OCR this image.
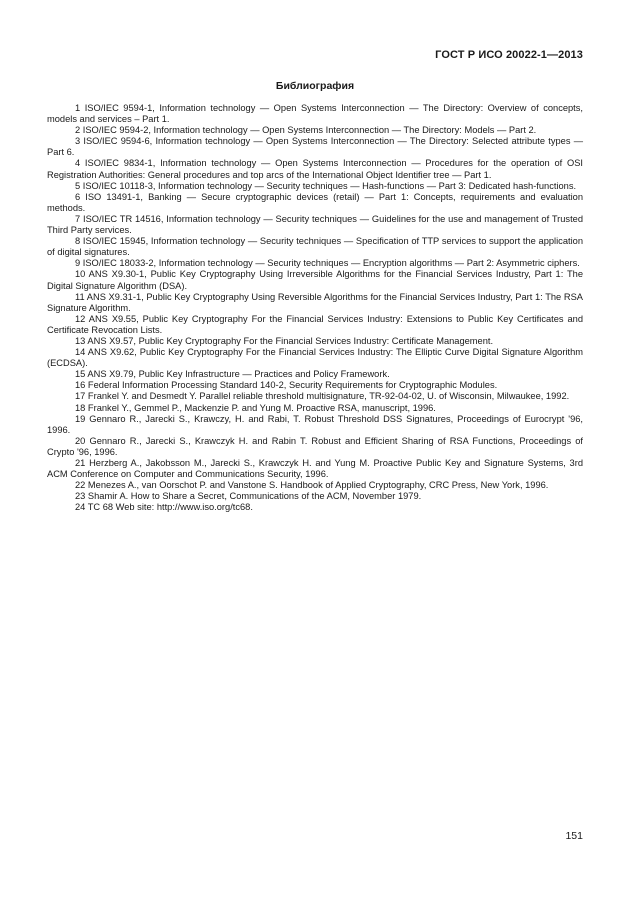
ГОСТ Р ИСО 20022-1—2013
Библиография
1 ISO/IEC 9594-1, Information technology — Open Systems Interconnection — The Directory: Overview of concepts, models and services – Part 1.
2 ISO/IEC 9594-2, Information technology — Open Systems Interconnection — The Directory: Models — Part 2.
3 ISO/IEC 9594-6, Information technology — Open Systems Interconnection — The Directory: Selected attribute types — Part 6.
4 ISO/IEC 9834-1, Information technology — Open Systems Interconnection — Procedures for the operation of OSI Registration Authorities: General procedures and top arcs of the International Object Identifier tree — Part 1.
5 ISO/IEC 10118-3, Information technology — Security techniques — Hash-functions — Part 3: Dedicated hash-functions.
6 ISO 13491-1, Banking — Secure cryptographic devices (retail) — Part 1: Concepts, requirements and evaluation methods.
7 ISO/IEC TR 14516, Information technology — Security techniques — Guidelines for the use and management of Trusted Third Party services.
8 ISO/IEC 15945, Information technology — Security techniques — Specification of TTP services to support the application of digital signatures.
9 ISO/IEC 18033-2, Information technology — Security techniques — Encryption algorithms — Part 2: Asymmetric ciphers.
10 ANS X9.30-1, Public Key Cryptography Using Irreversible Algorithms for the Financial Services Industry, Part 1: The Digital Signature Algorithm (DSA).
11 ANS X9.31-1, Public Key Cryptography Using Reversible Algorithms for the Financial Services Industry, Part 1: The RSA Signature Algorithm.
12 ANS X9.55, Public Key Cryptography For the Financial Services Industry: Extensions to Public Key Certificates and Certificate Revocation Lists.
13 ANS X9.57, Public Key Cryptography For the Financial Services Industry: Certificate Management.
14 ANS X9.62, Public Key Cryptography For the Financial Services Industry: The Elliptic Curve Digital Signature Algorithm (ECDSA).
15 ANS X9.79, Public Key Infrastructure — Practices and Policy Framework.
16 Federal Information Processing Standard 140-2, Security Requirements for Cryptographic Modules.
17 Frankel Y. and Desmedt Y. Parallel reliable threshold multisignature, TR-92-04-02, U. of Wisconsin, Milwaukee, 1992.
18 Frankel Y., Gemmel P., Mackenzie P. and Yung M. Proactive RSA, manuscript, 1996.
19 Gennaro R., Jarecki S., Krawczy, H. and Rabi, T. Robust Threshold DSS Signatures, Proceedings of Eurocrypt '96, 1996.
20 Gennaro R., Jarecki S., Krawczyk H. and Rabin T. Robust and Efficient Sharing of RSA Functions, Proceedings of Crypto '96, 1996.
21 Herzberg A., Jakobsson M., Jarecki S., Krawczyk H. and Yung M. Proactive Public Key and Signature Systems, 3rd ACM Conference on Computer and Communications Security, 1996.
22 Menezes A., van Oorschot P. and Vanstone S. Handbook of Applied Cryptography, CRC Press, New York, 1996.
23 Shamir A. How to Share a Secret, Communications of the ACM, November 1979.
24 TC 68 Web site: http://www.iso.org/tc68.
151
